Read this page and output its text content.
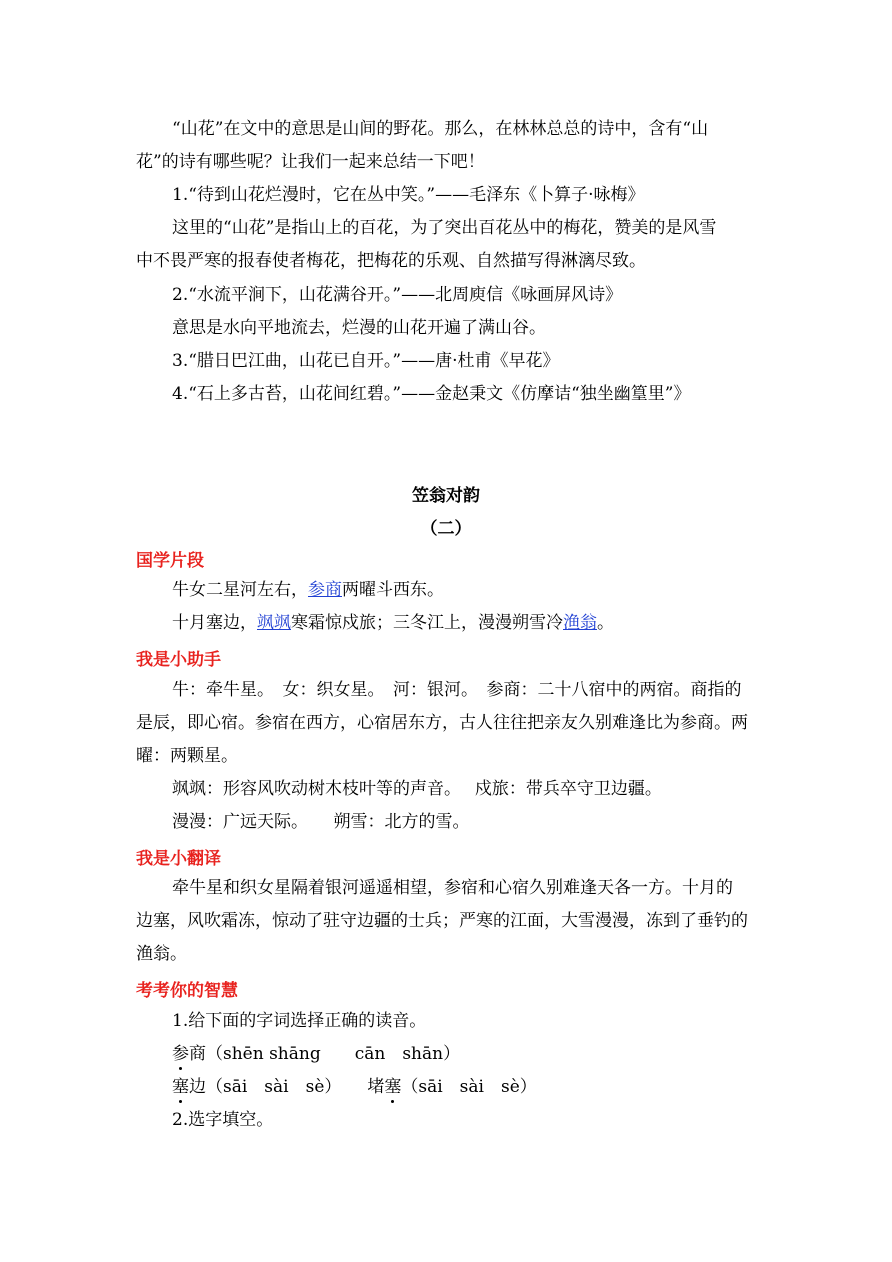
“山花”在文中的意思是山间的野花。那么，在林林总总的诗中，含有“山
花”的诗有哪些呢？让我们一起来总结一下吧！
1.“待到山花烂漫时，它在丛中笑。”——毛泽东《卜算子·咏梅》
这里的“山花”是指山上的百花，为了突出百花丛中的梅花，赞美的是风雪
中不畏严寒的报春使者梅花，把梅花的乐观、自然描写得淋漓尽致。
2.“水流平涧下，山花满谷开。”——北周庾信《咏画屏风诗》
意思是水向平地流去，烂漫的山花开遍了满山谷。
3.“腊日巴江曲，山花已自开。”——唐·杜甫《早花》
4.“石上多古苔，山花间红碧。”——金赵秉文《仿摩诘“独坐幽篁里”》
笠翁对韵
（二）
国学片段
牛女二星河左右，参商两曜斗西东。
十月塞边，飒飒寒霜惊戍旅；三冬江上，漫漫朔雪冷渔翁。
我是小助手
牛：牵牛星。　女：织女星。　河：银河。　参商：二十八宿中的两宿。商指的
是辰，即心宿。参宿在西方，心宿居东方，古人往往把亲友久别难逢比为参商。两
曜：两颗星。
飒飒：形容风吹动树木枝叶等的声音。　 戍旅：带兵卒守卫边疆。
漫漫：广远天际。　　朔雪：北方的雪。
我是小翻译
牵牛星和织女星隔着银河遥遥相望，参宿和心宿久别难逢天各一方。十月的
边塞，风吹霜冻，惊动了驻守边疆的士兵；严寒的江面，大雪漫漫，冻到了垂钓的
渔翁。
考考你的智慧
1.给下面的字词选择正确的读音。
参商（shēn shāng　　cān　shān）
塞边（sāi　sài　sè） 堵塞（sāi　sài　sè）
2.选字填空。
